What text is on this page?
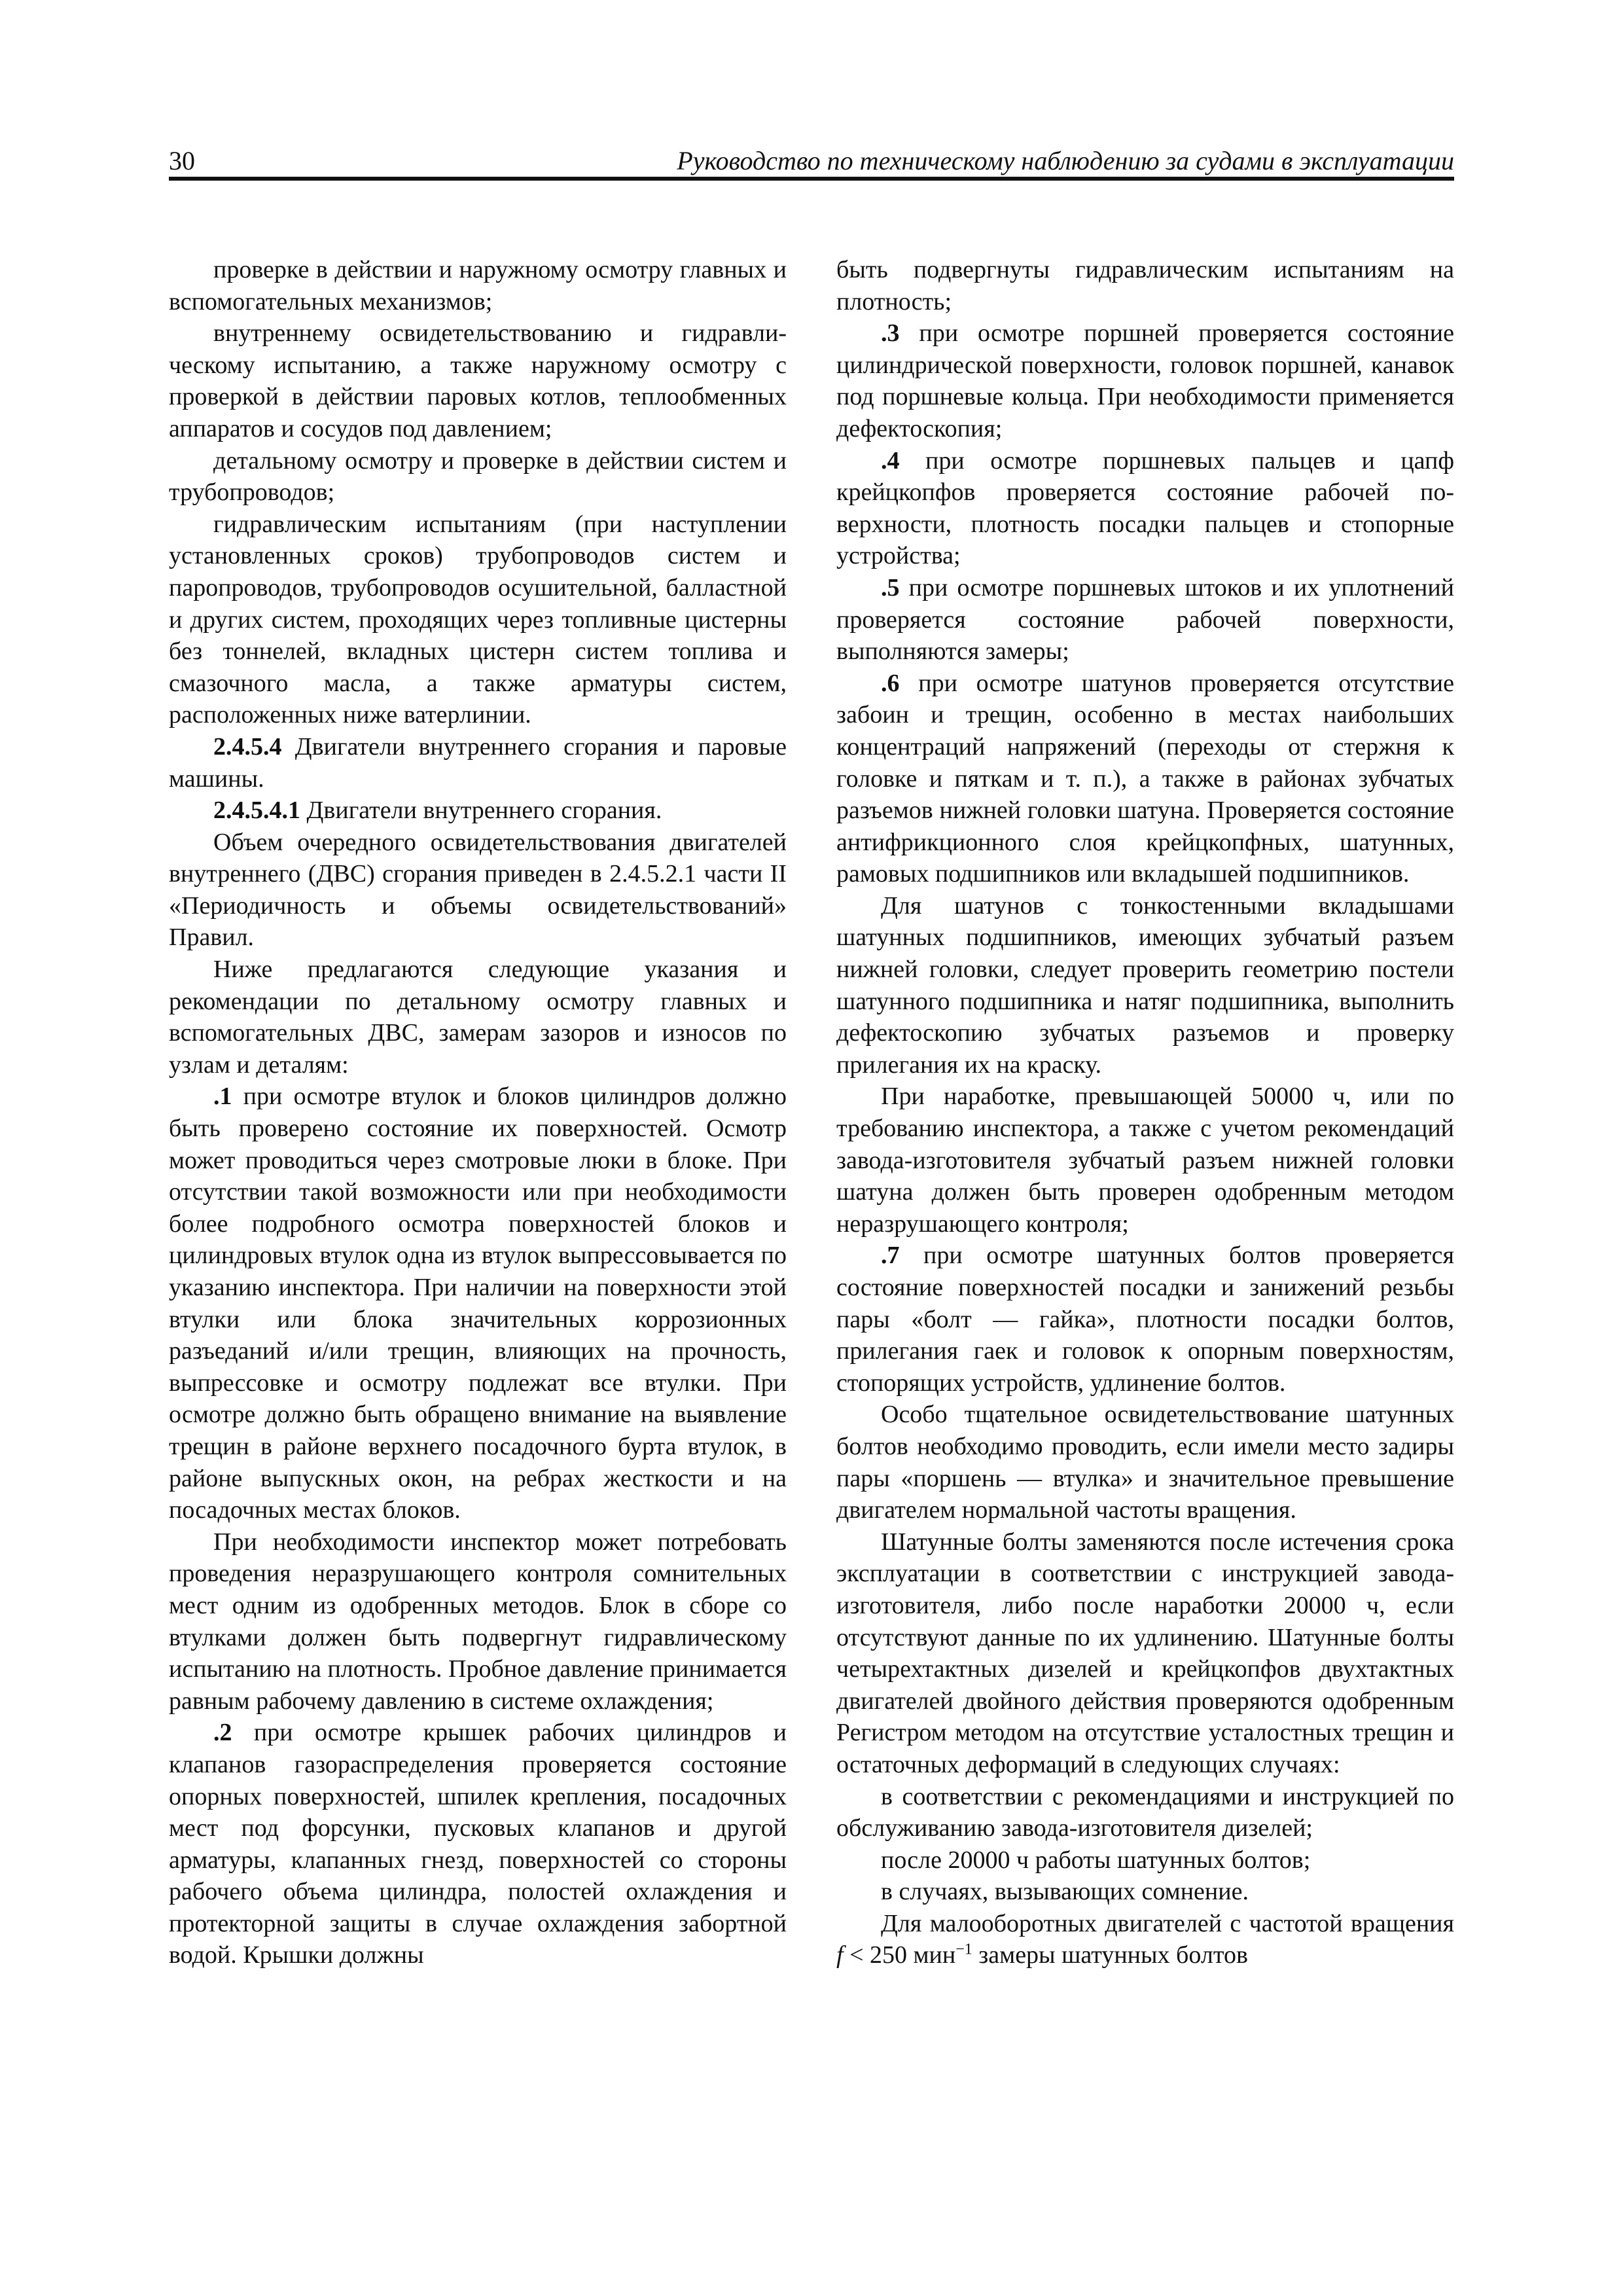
30	Руководство по техническому наблюдению за судами в эксплуатации

проверке в действии и наружному осмотру главных и вспомогательных механизмов;

внутреннему освидетельствованию и гидравлическому испытанию, а также наружному осмотру с проверкой в действии паровых котлов, теплообменных аппаратов и сосудов под давлением;

детальному осмотру и проверке в действии систем и трубопроводов;

гидравлическим испытаниям (при наступлении установленных сроков) трубопроводов систем и паропроводов, трубопроводов осушительной, балластной и других систем, проходящих через топливные цистерны без тоннелей, вкладных цистерн систем топлива и смазочного масла, а также арматуры систем, расположенных ниже ватерлинии.

2.4.5.4 Двигатели внутреннего сгорания и паровые машины.

2.4.5.4.1 Двигатели внутреннего сгорания.

Объем очередного освидетельствования двигателей внутреннего (ДВС) сгорания приведен в 2.4.5.2.1 части II «Периодичность и объемы освидетельствований» Правил.

Ниже предлагаются следующие указания и рекомендации по детальному осмотру главных и вспомогательных ДВС, замерам зазоров и износов по узлам и деталям:

.1 при осмотре втулок и блоков цилиндров должно быть проверено состояние их поверхностей. Осмотр может проводиться через смотровые люки в блоке. При отсутствии такой возможности или при необходимости более подробного осмотра поверхностей блоков и цилиндровых втулок одна из втулок выпрессовывается по указанию инспектора. При наличии на поверхности этой втулки или блока значительных коррозионных разъеданий и/или трещин, влияющих на прочность, выпрессовке и осмотру подлежат все втулки. При осмотре должно быть обращено внимание на выявление трещин в районе верхнего посадочного бурта втулок, в районе выпускных окон, на ребрах жесткости и на посадочных местах блоков.

При необходимости инспектор может потребовать проведения неразрушающего контроля сомнительных мест одним из одобренных методов. Блок в сборе со втулками должен быть подвергнут гидравлическому испытанию на плотность. Пробное давление принимается равным рабочему давлению в системе охлаждения;

.2 при осмотре крышек рабочих цилиндров и клапанов газораспределения проверяется состояние опорных поверхностей, шпилек крепления, посадочных мест под форсунки, пусковых клапанов и другой арматуры, клапанных гнезд, поверхностей со стороны рабочего объема цилиндра, полостей охлаждения и протекторной защиты в случае охлаждения забортной водой. Крышки должны

быть подвергнуты гидравлическим испытаниям на плотность;

.3 при осмотре поршней проверяется состояние цилиндрической поверхности, головок поршней, канавок под поршневые кольца. При необходимости применяется дефектоскопия;

.4 при осмотре поршневых пальцев и цапф крейцкопфов проверяется состояние рабочей поверхности, плотность посадки пальцев и стопорные устройства;

.5 при осмотре поршневых штоков и их уплотнений проверяется состояние рабочей поверхности, выполняются замеры;

.6 при осмотре шатунов проверяется отсутствие забоин и трещин, особенно в местах наибольших концентраций напряжений (переходы от стержня к головке и пяткам и т. п.), а также в районах зубчатых разъемов нижней головки шатуна. Проверяется состояние антифрикционного слоя крейцкопфных, шатунных, рамовых подшипников или вкладышей подшипников.

Для шатунов с тонкостенными вкладышами шатунных подшипников, имеющих зубчатый разъем нижней головки, следует проверить геометрию постели шатунного подшипника и натяг подшипника, выполнить дефектоскопию зубчатых разъемов и проверку прилегания их на краску.

При наработке, превышающей 50000 ч, или по требованию инспектора, а также с учетом рекомендаций завода-изготовителя зубчатый разъем нижней головки шатуна должен быть проверен одобренным методом неразрушающего контроля;

.7 при осмотре шатунных болтов проверяется состояние поверхностей посадки и занижений резьбы пары «болт — гайка», плотности посадки болтов, прилегания гаек и головок к опорным поверхностям, стопорящих устройств, удлинение болтов.

Особо тщательное освидетельствование шатунных болтов необходимо проводить, если имели место задиры пары «поршень — втулка» и значительное превышение двигателем нормальной частоты вращения.

Шатунные болты заменяются после истечения срока эксплуатации в соответствии с инструкцией завода-изготовителя, либо после наработки 20000 ч, если отсутствуют данные по их удлинению. Шатунные болты четырехтактных дизелей и крейцкопфов двухтактных двигателей двойного действия проверяются одобренным Регистром методом на отсутствие усталостных трещин и остаточных деформаций в следующих случаях:

в соответствии с рекомендациями и инструкцией по обслуживанию завода-изготовителя дизелей;

после 20000 ч работы шатунных болтов;

в случаях, вызывающих сомнение.

Для малооборотных двигателей с частотой вращения f < 250 мин$^{-1}$ замеры шатунных болтов
